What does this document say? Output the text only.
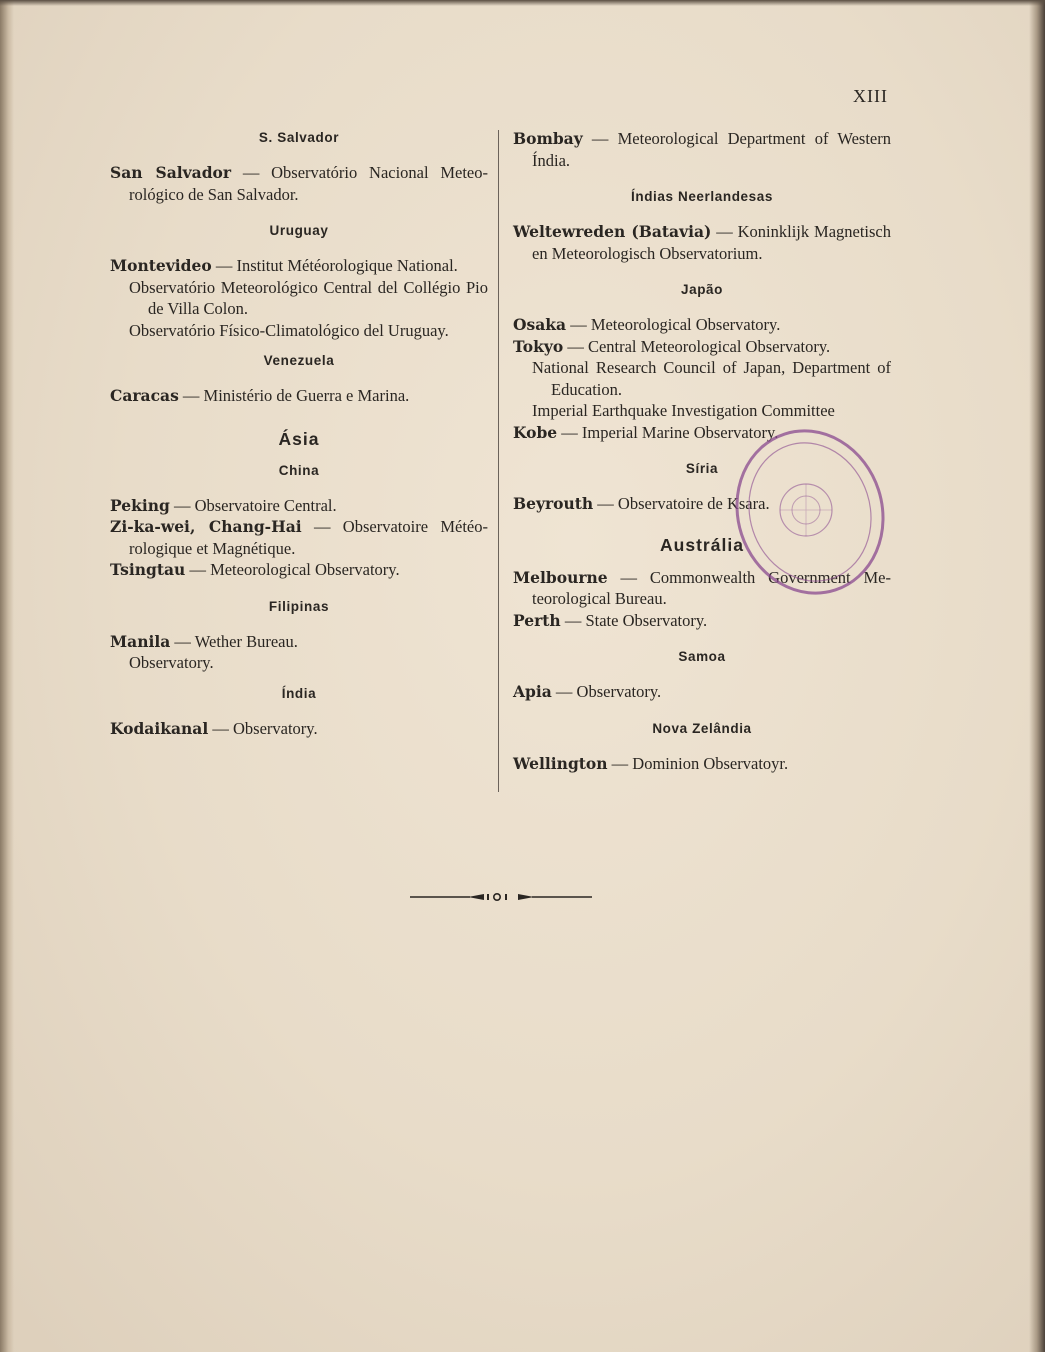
XIII
S. Salvador

San Salvador — Observatório Nacional Meteorológico de San Salvador.

Uruguay

Montevideo — Institut Météorologique National.

Observatório Meteorológico Central del Collégio Pio de Villa Colon.

Observatório Físico-Climatológico del Uruguay.

Venezuela

Caracas — Ministério de Guerra e Marina.

Ásia
China

Peking — Observatoire Central.

Zi-ka-wei, Chang-Hai — Observatoire Météorologique et Magnétique.

Tsingtau — Meteorological Observatory.

Filipinas

Manila — Wether Bureau.

Observatory.

Índia

Kodaikanal — Observatory.

Bombay — Meteorological Department of Western Índia.

Índias Neerlandesas

Weltewreden (Batavia) — Koninklijk Magnetisch en Meteorologisch Observatorium.

Japão

Osaka — Meteorological Observatory.

Tokyo — Central Meteorological Observatory.

National Research Council of Japan, Department of Education.

Imperial Earthquake Investigation Committee

Kobe — Imperial Marine Observatory.

Síria

Beyrouth — Observatoire de Ksara.

Austrália

Melbourne — Commonwealth Government Meteorological Bureau.

Perth — State Observatory.

Samoa

Apia — Observatory.

Nova Zelândia

Wellington — Dominion Observatoyr.
